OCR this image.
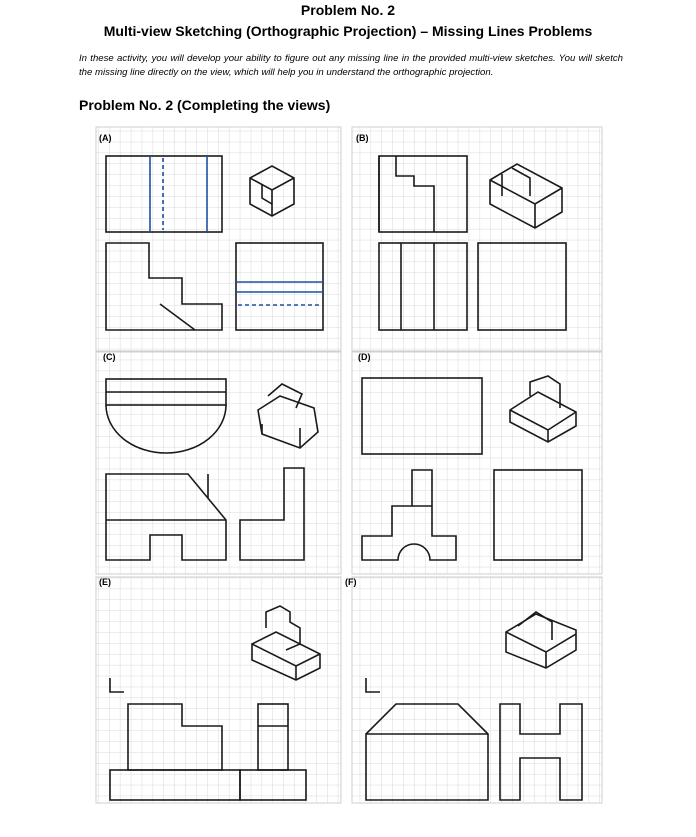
Problem No. 2
Multi-view Sketching (Orthographic Projection) – Missing Lines Problems
In these activity, you will develop your ability to figure out any missing line in the provided multi-view sketches. You will sketch the missing line directly on the view, which will help you in understand the orthographic projection.
Problem No. 2 (Completing the views)
(A)	(B)
(C)	(D)
(E)	(F)
